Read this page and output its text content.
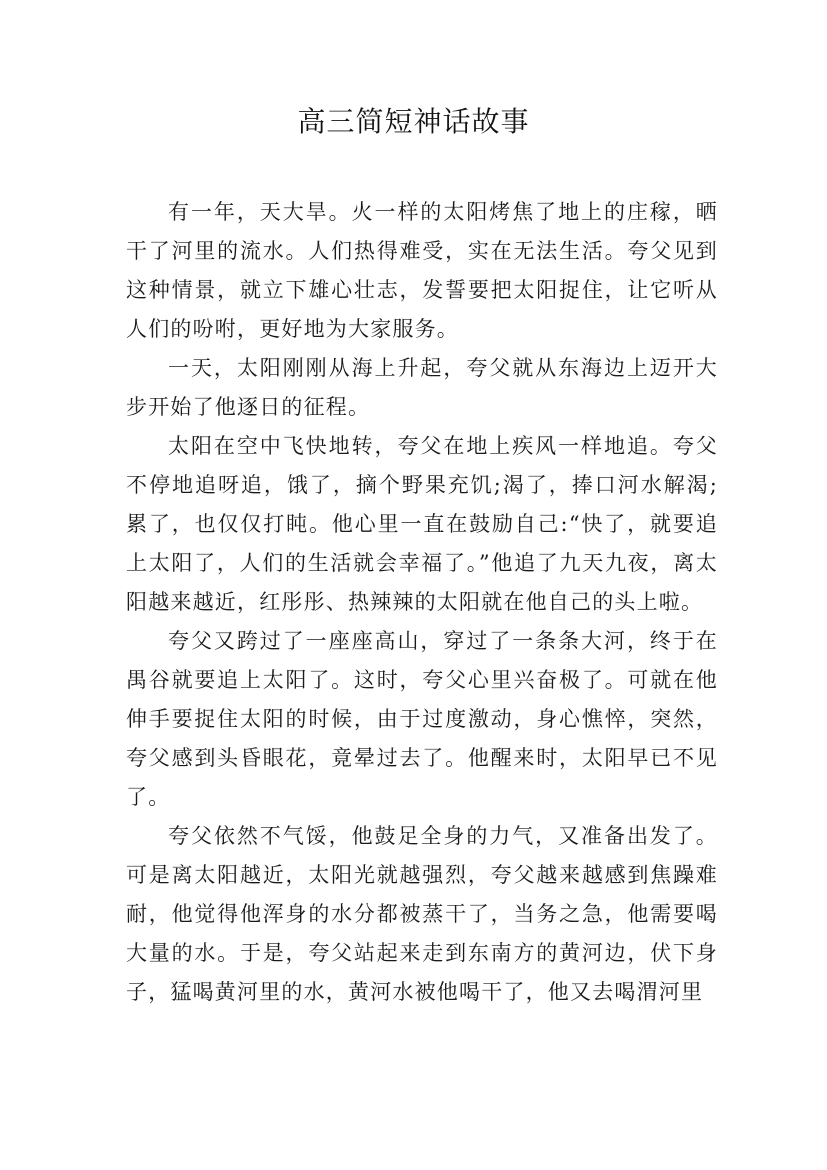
高三简短神话故事

有一年，天大旱。火一样的太阳烤焦了地上的庄稼，晒干了河里的流水。人们热得难受，实在无法生活。夸父见到这种情景，就立下雄心壮志，发誓要把太阳捉住，让它听从人们的吩咐，更好地为大家服务。

一天，太阳刚刚从海上升起，夸父就从东海边上迈开大步开始了他逐日的征程。

太阳在空中飞快地转，夸父在地上疾风一样地追。夸父不停地追呀追，饿了，摘个野果充饥;渴了，捧口河水解渴;累了，也仅仅打盹。他心里一直在鼓励自己:“快了，就要追上太阳了，人们的生活就会幸福了。”他追了九天九夜，离太阳越来越近，红彤彤、热辣辣的太阳就在他自己的头上啦。

夸父又跨过了一座座高山，穿过了一条条大河，终于在禺谷就要追上太阳了。这时，夸父心里兴奋极了。可就在他伸手要捉住太阳的时候，由于过度激动，身心憔悴，突然，夸父感到头昏眼花，竟晕过去了。他醒来时，太阳早已不见了。

夸父依然不气馁，他鼓足全身的力气，又准备出发了。可是离太阳越近，太阳光就越强烈，夸父越来越感到焦躁难耐，他觉得他浑身的水分都被蒸干了，当务之急，他需要喝大量的水。于是，夸父站起来走到东南方的黄河边，伏下身子，猛喝黄河里的水，黄河水被他喝干了，他又去喝渭河里
